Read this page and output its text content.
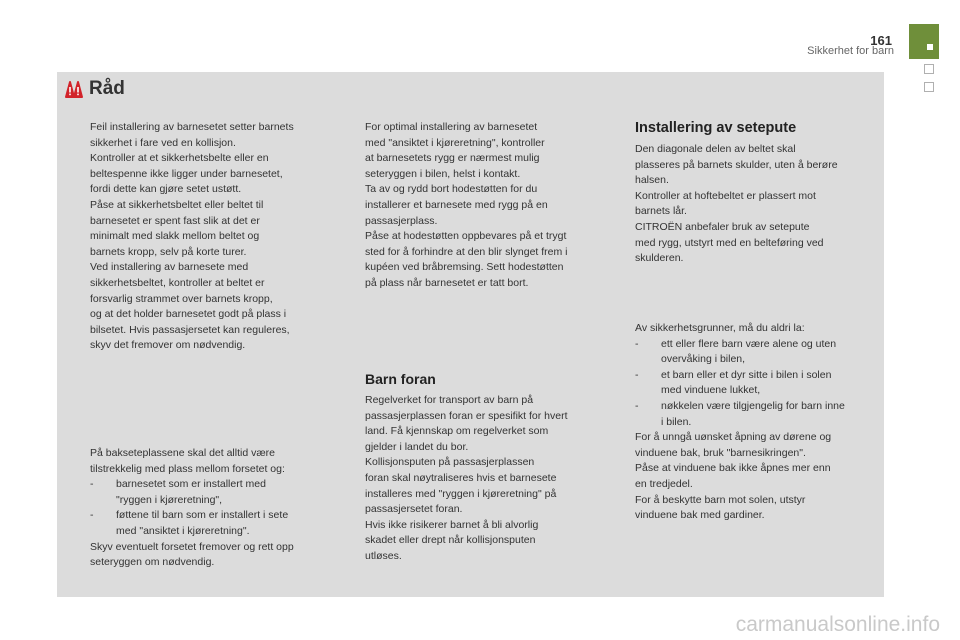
161
Sikkerhet for barn
Råd

Feil installering av barnesetet setter barnets

sikkerhet i fare ved en kollisjon.

Kontroller at et sikkerhetsbelte eller en

beltespenne ikke ligger under barnesetet,

fordi dette kan gjøre setet ustøtt.

Påse at sikkerhetsbeltet eller beltet til

barnesetet er spent fast slik at det er

minimalt med slakk mellom beltet og

barnets kropp, selv på korte turer.

Ved installering av barnesete med

sikkerhetsbeltet, kontroller at beltet er

forsvarlig strammet over barnets kropp,

og at det holder barnesetet godt på plass i

bilsetet. Hvis passasjersetet kan reguleres,

skyv det fremover om nødvendig.

På bakseteplassene skal det alltid være

tilstrekkelig med plass mellom forsetet og:

-	barnesetet som er installert med

"ryggen i kjøreretning",

-	føttene til barn som er installert i sete

med "ansiktet i kjøreretning".

Skyv eventuelt forsetet fremover og rett opp

seteryggen om nødvendig.

For optimal installering av barnesetet

med "ansiktet i kjøreretning", kontroller

at barnesetets rygg er nærmest mulig

seteryggen i bilen, helst i kontakt.

Ta av og rydd bort hodestøtten for du

installerer et barnesete med rygg på en

passasjerplass.

Påse at hodestøtten oppbevares på et trygt

sted for å forhindre at den blir slynget frem i

kupéen ved bråbremsing. Sett hodestøtten

på plass når barnesetet er tatt bort.

Barn foran

Regelverket for transport av barn på

passasjerplassen foran er spesifikt for hvert

land. Få kjennskap om regelverket som

gjelder i landet du bor.

Kollisjonsputen på passasjerplassen

foran skal nøytraliseres hvis et barnesete

installeres med "ryggen i kjøreretning" på

passasjersetet foran.

Hvis ikke risikerer barnet å bli alvorlig

skadet eller drept når kollisjonsputen

utløses.

Installering av setepute

Den diagonale delen av beltet skal

plasseres på barnets skulder, uten å berøre

halsen.

Kontroller at hoftebeltet er plassert mot

barnets lår.

CITROËN anbefaler bruk av setepute

med rygg, utstyrt med en belteføring ved

skulderen.

Av sikkerhetsgrunner, må du aldri la:

-	ett eller flere barn være alene og uten

overvåking i bilen,

-	et barn eller et dyr sitte i bilen i solen

med vinduene lukket,

-	nøkkelen være tilgjengelig for barn inne

i bilen.

For å unngå uønsket åpning av dørene og

vinduene bak, bruk "barnesikringen".

Påse at vinduene bak ikke åpnes mer enn

en tredjedel.

For å beskytte barn mot solen, utstyr

vinduene bak med gardiner.

carmanualsonline.info
